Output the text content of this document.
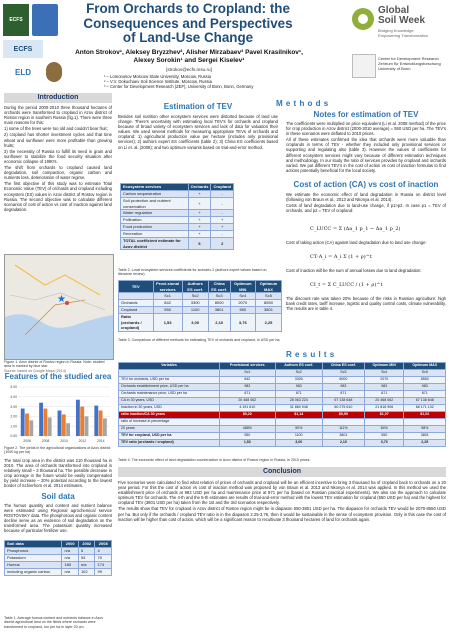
ECFS
ECFS
ELD
From Orchards to Cropland: the
Consequences and Perspectives
of Land-Use Change
Anton Strokov¹, Aleksey Bryzzhev², Alisher Mirzabaev³ Pavel Krasilnikov¹,
Alexey Sorokin¹ and Sergei Kiselev¹
[strokov@ecfs.msu.ru]
¹ – Lomonosov Moscow State University, Moscow, Russia
² – V.V. Dokuchaev Soil Science Institute, Moscow, Russia
³ – Center for Development Research (ZEF), University of Bonn, Bonn, Germany
Global
Soil Week
Bridging Knowledge
Empowering Transformation
Center for Development Research
Zentrum für Entwicklungsforschung
University of Bonn
Introduction

During the period 2000-2010 three thousand hectares of orchards were transformed to cropland in Azov district of Rostov region in southern Russia (fig.1). There were three main reasons for this:

1) some of the trees were too old and couldn't bear fruit;

2) cropland has shorter investment cycles and that time wheat and sunflower were more profitable than growing fruits;

3) the necessity of Russia to fulfill its need in grain and sunflower to stabilize the food security situation after economic collapse of 1990's.

The shift from orchards to cropland caused land degradation, soil compaction, organic carbon and nutrients loss, deterioration of water regime.

The first objective of this study was to estimate Total Economic Value (TEV) of orchards and cropland including ecosystem (ES) values in Azov district of Rostov region in Russia. The second objective was to calculate different scenarios of cost of action vs cost of inaction against land degradation.

★
Figure 1. Azov district of Rostov region in Russia. Note: studied area is marked by blue star.
Source: based on Google Maps (2014)
Features of the studied area
5.00
4.00
3.00
2.00
1.00
0.00
2006	2008	2010	2012	2014
Figure 2. The yields in the agricultural organizations of Azov district (1000 kg per ha)
The total crop area in the district was 210 thousand ha in 2010. The area of orchards transformed into cropland is relatively small – 3 thousand ha. The possible decrease in crop acreage in the future would be easily compensated by yield increase – 20% potential according to the lowest border of Schierhorn et al. 2014 estimates.
Soil data
The humus quantity and content and nutrient balance were estimated using Regional agrochemical service ROSTOVSKY data. The phosphorous and organic content decline serve as an evidence of soil degradation on the transformed area. The potassium quantity increased because of particular fertilizer use.
Soil data	2000	2002	2008
Phosphorus	n/a	5	4
Potassium	n/a	53	70
Humus	180	n/a	174
including organic carbon	n/a	102	99
Table 1. Average humus content and nutrients balance in Azov district agricultural land on the fields where orchards were transformed to cropland, ton per ha in layer 20 cm.
M e t h o d s
Estimation of TEV
Besides soil nutrition other ecosystem services were distorted because of land use change. There's uncertainty with estimating local TEV's for orchards and cropland because of broad variety of ecosystem services and lack of data for valuation their values. We used several methods for measuring appropriate TEVs of orchards and cropland: 1) agricultural production value per hectare (includes only provisional services); 2) authors expert ES coefficients (table 2); 3) China ES coefficients based on Li et. al. (2008); and two optimum variants based on trial-and-error method.
Ecosystem services	Orchards	Cropland
Carbon sequestration	+	-
Soil protection and nutrient conservation	+	-
Water regulation	+	-
Pollination	+	+
Food production	+	+
Recreation	+	-
TOTAL coefficient estimate for Azov district	6	2
Table 2. Local ecosystem services coefficients for scenario 2 (authors expert values based on literature review)
TEV	Provi-sional services	Authors ES coef.	China ES coef.	Optimum MIN	Optimum MAX
	Sc1	Sc2	Sc3	Sc4	Sc5
Orchards	842	3300	8000	2070	8550
Cropland	550	1100	3801	550	3801
Ratio (orchards / cropland)	1,53	3,00	2,10	3,76	2,25
Table 3. Comparison of different methods for estimating TEV of orchards and cropland, in USD per ha
Notes for estimation of TEV

The coefficients were multiplied on price equivalent (Li et al. 2008 method) of the price for crop production in Azov district (2000-2010 average) = 550 USD per ha. The TEV's in these scenarios were deflated to 2010 prices.

All of these estimates confirmed the idea that orchards were more valuable than croplands in terms of TEV - whether they included only provisional services or supporting and regulating also (table 3). However the values of coefficients for different ecosystem services might vary because of different estimation techniques and methodology. In our study the ratio of services provides by cropland and orchards varied. We put different TEV's in the cost of action vs cost of inaction formulas to find actions potentially beneficial for the local society.

Cost of action (CA) vs cost of inaction

We estimate the economic effect of land degradation in Russia on district level (following von Braun et al., 2013 and Nkonya et al. 2014).

Costs of land degradation due to land-use change, if p1>p2. In case p1 = TEV of orchards, and p2 = TEV of cropland:

C_LUCC = Σ (Δa_1 p_1 − Δa_1 p_2)
Cost of taking action (CA) against land degradation due to land use change:
CT·A_i = A_i Σ (1 + ρ)^t
Cost of inaction will be the sum of annual losses due to land degradation:
CI_t = Σ C_LUCC / (1 + ρ)^t
The discount rate was taken 20% because of the risks in Russian agriculture: high bank credit rates, tariff increase, logistic and quality control costs, climate vulnerability. The results are in table 4.
R e s u l t s
Variables	Provisional services	Authors ES coef.	China ES coef.	Optimum MIN	Optimum MAX
	Sc1	Sc2	Sc3	Sc4	Sc5
TEV for orchards, USD per ha	842	3300	8000	2070	8550
Orchards establishment price, USD per ha	983	983	983	983	983
Orchards maintenance price, USD per ha	871	871	871	871	871
CA in 30 years, USD	20 468 062	28 063 224	67 138 648	20 468 062	67 138 648
Inaction in 30 years, USD	4 191 610	31 860 948	60 275 610	21 816 906	68 171 132
ratio Inaction/CA 30 years	$0,20	$1,14	$0,90	$1,07	$1,02
ratio of increase in percentage					
20 years	488%	90%	111%	84%	98%
TEV for cropland, USD per ha	550	1100	3801	550	3801
TEV ratio (orchards / cropland)	1,53	3,00	2,10	3,76	2,25
Table 4. The economic effect of land degradation counteraction in Azov district of Rostov region in Russia, in 2010 prices.
Conclusion

Five scenarios were calculated to find what relation of prices of orchards and cropland will be an efficient incentive to bring 3 thousand ha of cropland back to orchards on a 20 year period. For this the cost of action vs cost of inaction method was proposed by von Braun et al. 2013 and Nkonya et al. 2014 was applied. In this method we used the establishment price of orchards at 983 USD per ha and maintenance price at 871 per ha (based on Russian practical experiments). We also ran the approach to calculate optimum TEV for orchards. The 4-th and the 5-th estimates are results of trial-and-error method with the lowest TEV estimation for cropland (550 USD per ha) and the highest for cropland TEV (3801 USD per ha) taken from the 1st and the 3rd scenarios respectively.

The results show that TEV for cropland in Azov district of Rostov region might be in diapason 550-3801 USD per ha. The diapason for orchards TEV would be 2070-8550 USD per ha. But only if the orchards / cropland TEV ratio is in the diapason 2.25-3.76, then it would be sustainable in the sense of ecosystem provision. Only in this case the cost of inaction will be higher than cost of action, which will be a significant reason to recultivate 3 thousand hectares of land for orchards again.
